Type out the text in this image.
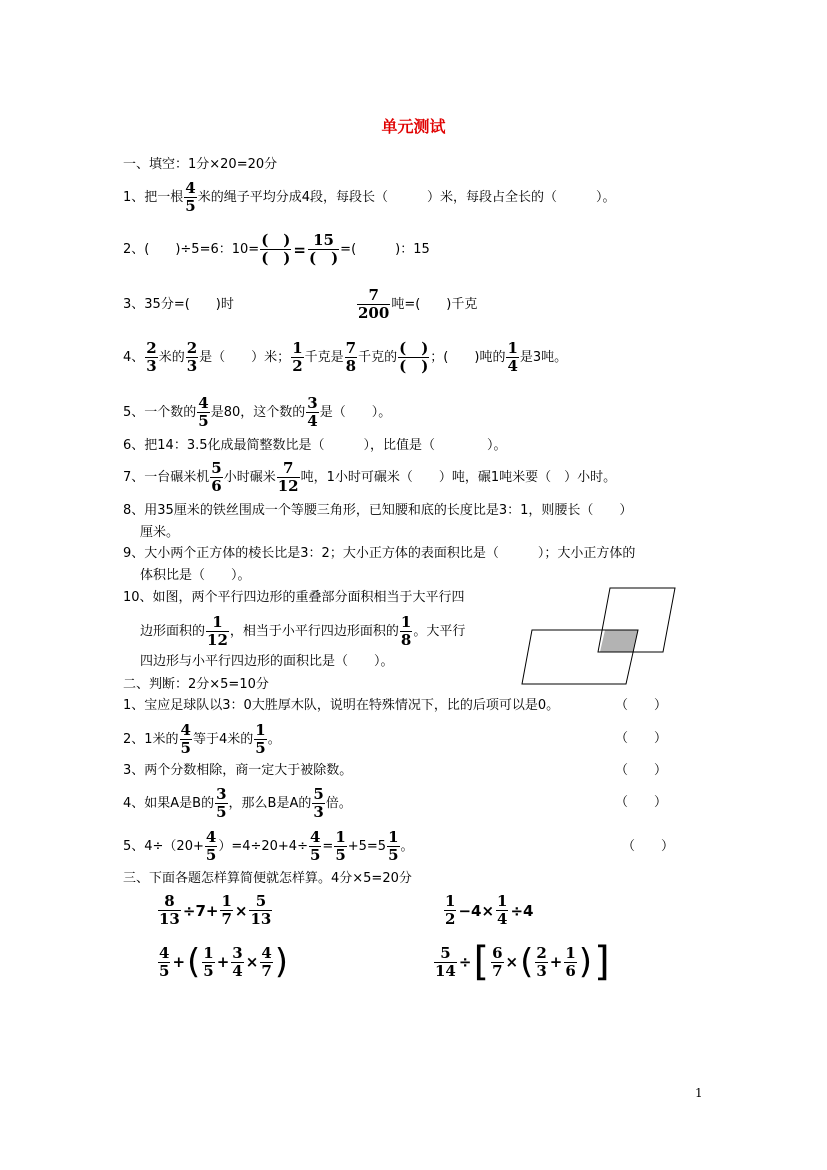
单元测试
一、填空：1分×20=20分
1、把一根 $\frac{4}{5}$ 米的绳子平均分成4段，每段长（　　　）米，每段占全长的（　　　）。
2、(　　)÷5=6：$10= \frac{( )}{( )} = \frac{15}{( )}$ =(　　　)：15
3、35分=(　　)时	$\frac{7}{200}$ 吨=(　　)千克
4、 $\frac{2}{3}$ 米的 $\frac{2}{3}$ 是（　　）米； $\frac{1}{2}$ 千克是 $\frac{7}{8}$ 千克的 $\frac{( )}{( )}$ ；(　　)吨的 $\frac{1}{4}$ 是3吨。
5、一个数的 $\frac{4}{5}$ 是80，这个数的 $\frac{3}{4}$ 是（　　）。
6、把14：3.5化成最简整数比是（　　　），比值是（　　　　）。
7、一台碾米机 $\frac{5}{6}$ 小时碾米 $\frac{7}{12}$ 吨，1小时可碾米（　　）吨，碾1吨米要（　）小时。
8、用35厘米的铁丝围成一个等腰三角形，已知腰和底的长度比是3：1，则腰长（　　）
厘米。
9、大小两个正方体的棱长比是3：2；大小正方体的表面积比是（　　　）；大小正方体的
体积比是（　　）。
10、如图，两个平行四边形的重叠部分面积相当于大平行四
边形面积的 $\frac{1}{12}$ ，相当于小平行四边形面积的 $\frac{1}{8}$ 。大平行
四边形与小平行四边形的面积比是（　　）。
二、判断：2分×5=10分
1、宝应足球队以3：0大胜厚木队，说明在特殊情况下，比的后项可以是0。	（　　）
2、1米的 $\frac{4}{5}$ 等于4米的 $\frac{1}{5}$ 。	（　　）
3、两个分数相除，商一定大于被除数。	（　　）
4、如果A是B的 $\frac{3}{5}$ ，那么B是A的 $\frac{5}{3}$ 倍。	（　　）
5、$4\div(20+ \frac{4}{5} )=4\div 20+4\div \frac{4}{5} = \frac{1}{5} +5=5 \frac{1}{5}$ 。	（　　）
三、下面各题怎样算简便就怎样算。4分×5=20分
$\frac{8}{13} \div 7+ \frac{1}{7} \times \frac{5}{13}$	$\frac{1}{2} -4\times \frac{1}{4} \div 4$
$\frac{4}{5}$ +( $\frac{1}{5} + \frac{3}{4} \times \frac{4}{7}$ )	$\frac{5}{14}$ ÷[ $\frac{6}{7}$ ×( $\frac{2}{3} + \frac{1}{6}$ )]
1
